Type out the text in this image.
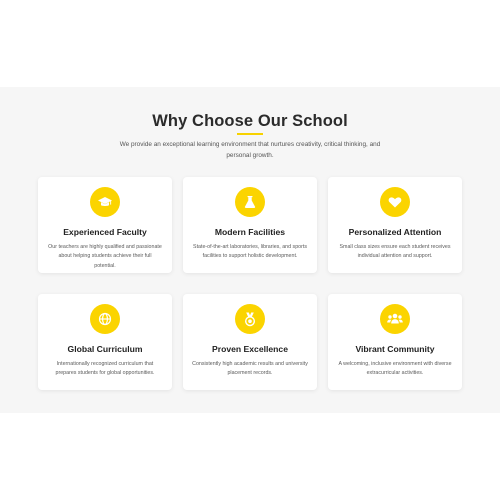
Why Choose Our School

We provide an exceptional learning environment that nurtures creativity, critical thinking, and personal growth.

Experienced Faculty
Our teachers are highly qualified and passionate about helping students achieve their full potential.
Modern Facilities
State-of-the-art laboratories, libraries, and sports facilities to support holistic development.
Personalized Attention
Small class sizes ensure each student receives individual attention and support.
Global Curriculum
Internationally recognized curriculum that prepares students for global opportunities.
Proven Excellence
Consistently high academic results and university placement records.
Vibrant Community
A welcoming, inclusive environment with diverse extracurricular activities.
